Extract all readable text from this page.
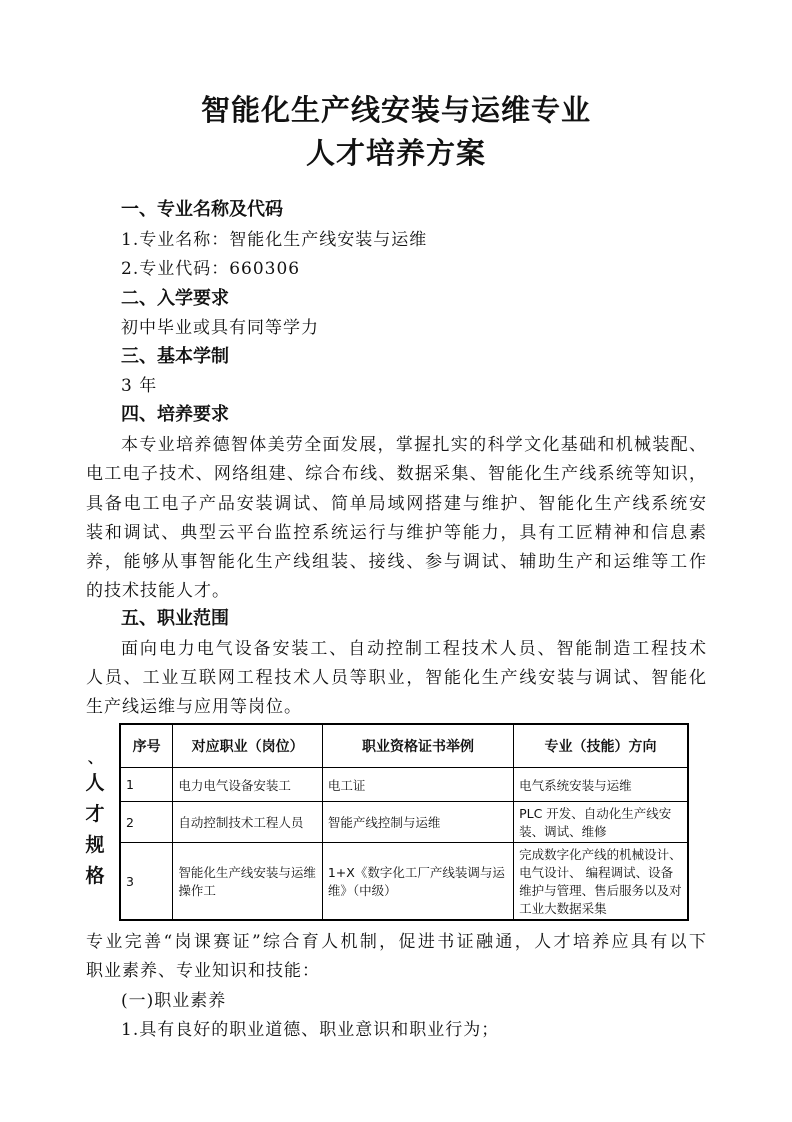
智能化生产线安装与运维专业
人才培养方案
一、专业名称及代码
1.专业名称：智能化生产线安装与运维
2.专业代码：660306
二、入学要求
初中毕业或具有同等学力
三、基本学制
3 年
四、培养要求
本专业培养德智体美劳全面发展，掌握扎实的科学文化基础和机械装配、
电工电子技术、网络组建、综合布线、数据采集、智能化生产线系统等知识，
具备电工电子产品安装调试、简单局域网搭建与维护、智能化生产线系统安
装和调试、典型云平台监控系统运行与维护等能力，具有工匠精神和信息素
养，能够从事智能化生产线组装、接线、参与调试、辅助生产和运维等工作
的技术技能人才。
五、职业范围
面向电力电气设备安装工、自动控制工程技术人员、智能制造工程技术
人员、工业互联网工程技术人员等职业，智能化生产线安装与调试、智能化
生产线运维与应用等岗位。
、
人
才
规
格
序号	对应职业（岗位）	职业资格证书举例	专业（技能）方向
1	电力电气设备安装工	电工证	电气系统安装与运维
2	自动控制技术工程人员	智能产线控制与运维	PLC 开发、自动化生产线安装、调试、维修
3	智能化生产线安装与运维操作工	1+X《数字化工厂产线装调与运维》（中级）	完成数字化产线的机械设计、电气设计、 编程调试、设备维护与管理、售后服务以及对工业大数据采集
专业完善“岗课赛证”综合育人机制，促进书证融通，人才培养应具有以下
职业素养、专业知识和技能：
(一)职业素养
1.具有良好的职业道德、职业意识和职业行为；
